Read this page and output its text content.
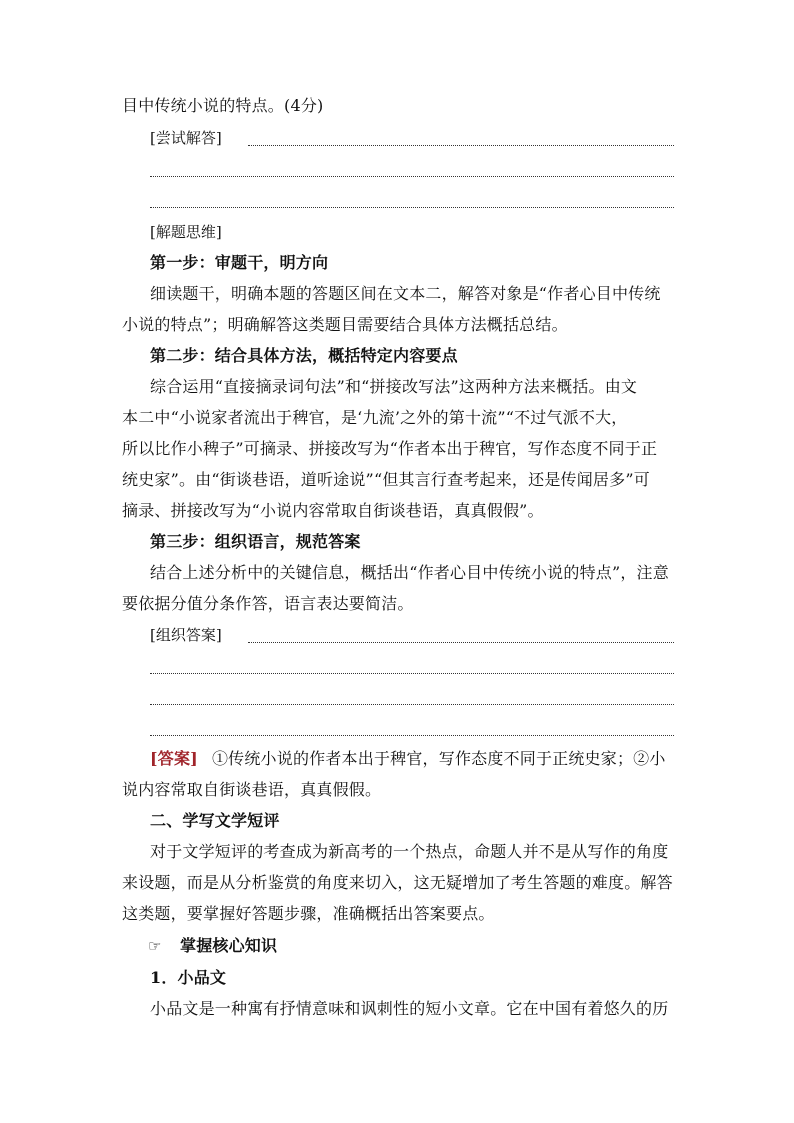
目中传统小说的特点。(4分)
[尝试解答]
[解题思维]
第一步：审题干，明方向
细读题干，明确本题的答题区间在文本二，解答对象是“作者心目中传统
小说的特点”；明确解答这类题目需要结合具体方法概括总结。
第二步：结合具体方法，概括特定内容要点
综合运用“直接摘录词句法”和“拼接改写法”这两种方法来概括。由文
本二中“小说家者流出于稗官，是‘九流’之外的第十流”“不过气派不大，
所以比作小稗子”可摘录、拼接改写为“作者本出于稗官，写作态度不同于正
统史家”。由“街谈巷语，道听途说”“但其言行查考起来，还是传闻居多”可
摘录、拼接改写为“小说内容常取自街谈巷语，真真假假”。
第三步：组织语言，规范答案
结合上述分析中的关键信息，概括出“作者心目中传统小说的特点”，注意
要依据分值分条作答，语言表达要简洁。
[组织答案]
[答案] ①传统小说的作者本出于稗官，写作态度不同于正统史家；②小
说内容常取自街谈巷语，真真假假。
二、学写文学短评
对于文学短评的考查成为新高考的一个热点，命题人并不是从写作的角度
来设题，而是从分析鉴赏的角度来切入，这无疑增加了考生答题的难度。解答
这类题，要掌握好答题步骤，准确概括出答案要点。
☞ 掌握核心知识
1．小品文
小品文是一种寓有抒情意味和讽刺性的短小文章。它在中国有着悠久的历
